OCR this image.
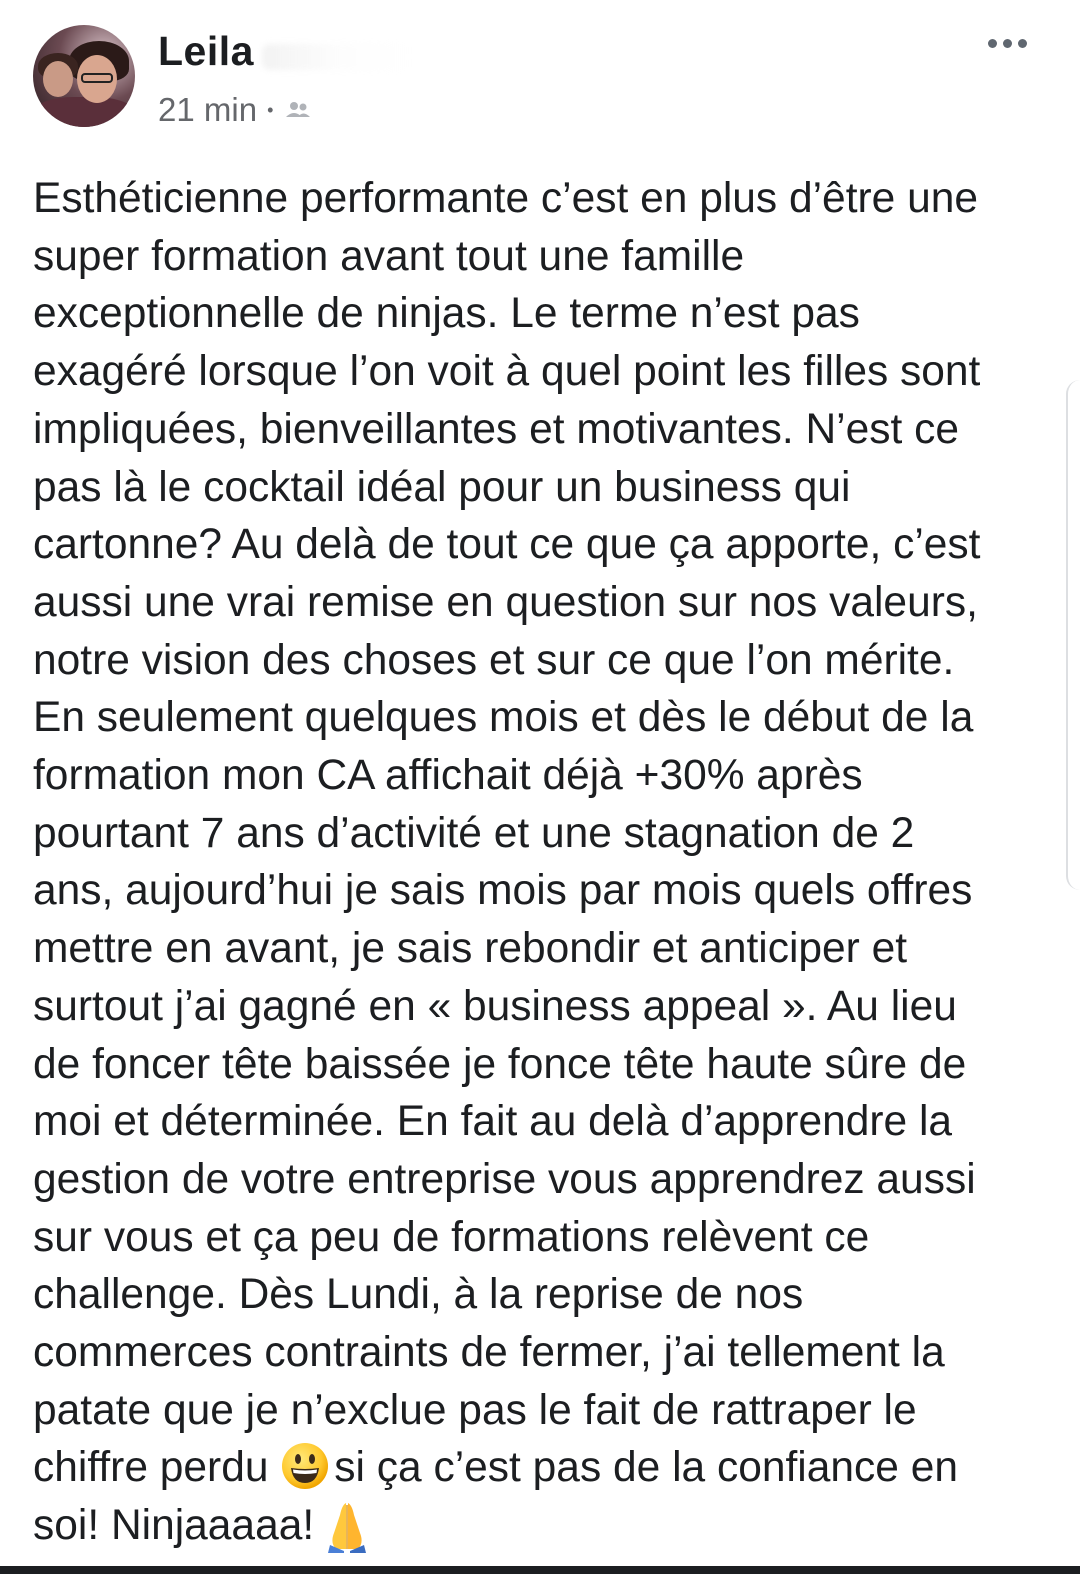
Leila
21 min •
Esthéticienne performante c’est en plus d’être une
super formation avant tout une famille
exceptionnelle de ninjas. Le terme n’est pas
exagéré lorsque l’on voit à quel point les filles sont
impliquées, bienveillantes et motivantes. N’est ce
pas là le cocktail idéal pour un business qui
cartonne? Au delà de tout ce que ça apporte, c’est
aussi une vrai remise en question sur nos valeurs,
notre vision des choses et sur ce que l’on mérite.
En seulement quelques mois et dès le début de la
formation mon CA affichait déjà +30% après
pourtant 7 ans d’activité et une stagnation de 2
ans, aujourd’hui je sais mois par mois quels offres
mettre en avant, je sais rebondir et anticiper et
surtout j’ai gagné en « business appeal ». Au lieu
de foncer tête baissée je fonce tête haute sûre de
moi et déterminée. En fait au delà d’apprendre la
gestion de votre entreprise vous apprendrez aussi
sur vous et ça peu de formations relèvent ce
challenge. Dès Lundi, à la reprise de nos
commerces contraints de fermer, j’ai tellement la
patate que je n’exclue pas le fait de rattraper le
chiffre perdu si ça c’est pas de la confiance en
soi! Ninjaaaaa!
